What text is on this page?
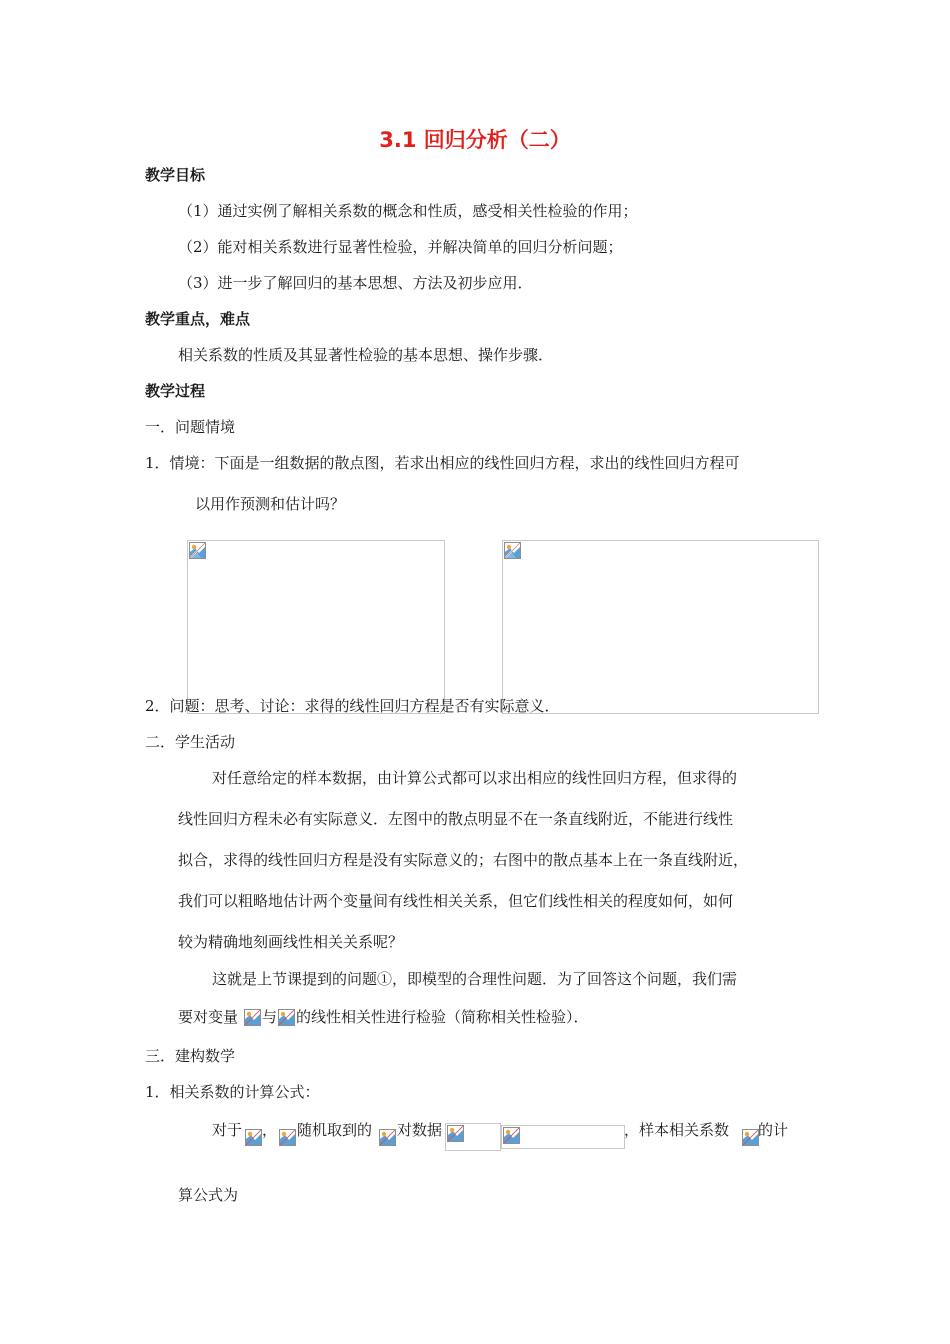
3.1 回归分析（二）
教学目标
（1）通过实例了解相关系数的概念和性质，感受相关性检验的作用；
（2）能对相关系数进行显著性检验，并解决简单的回归分析问题；
（3）进一步了解回归的基本思想、方法及初步应用．
教学重点，难点
相关系数的性质及其显著性检验的基本思想、操作步骤．
教学过程
一．问题情境
1．情境：下面是一组数据的散点图，若求出相应的线性回归方程，求出的线性回归方程可
以用作预测和估计吗？
2．问题：思考、讨论：求得的线性回归方程是否有实际意义．
二．学生活动
对任意给定的样本数据，由计算公式都可以求出相应的线性回归方程，但求得的
线性回归方程未必有实际意义．左图中的散点明显不在一条直线附近，不能进行线性
拟合，求得的线性回归方程是没有实际意义的；右图中的散点基本上在一条直线附近，
我们可以粗略地估计两个变量间有线性相关关系，但它们线性相关的程度如何，如何
较为精确地刻画线性相关关系呢？
这就是上节课提到的问题①，即模型的合理性问题．为了回答这个问题，我们需
要对变量 与 的线性相关性进行检验（简称相关性检验）．
三．建构数学
1．相关系数的计算公式：
对于 ， 随机取到的 对数据	，样本相关系数 的计
算公式为
